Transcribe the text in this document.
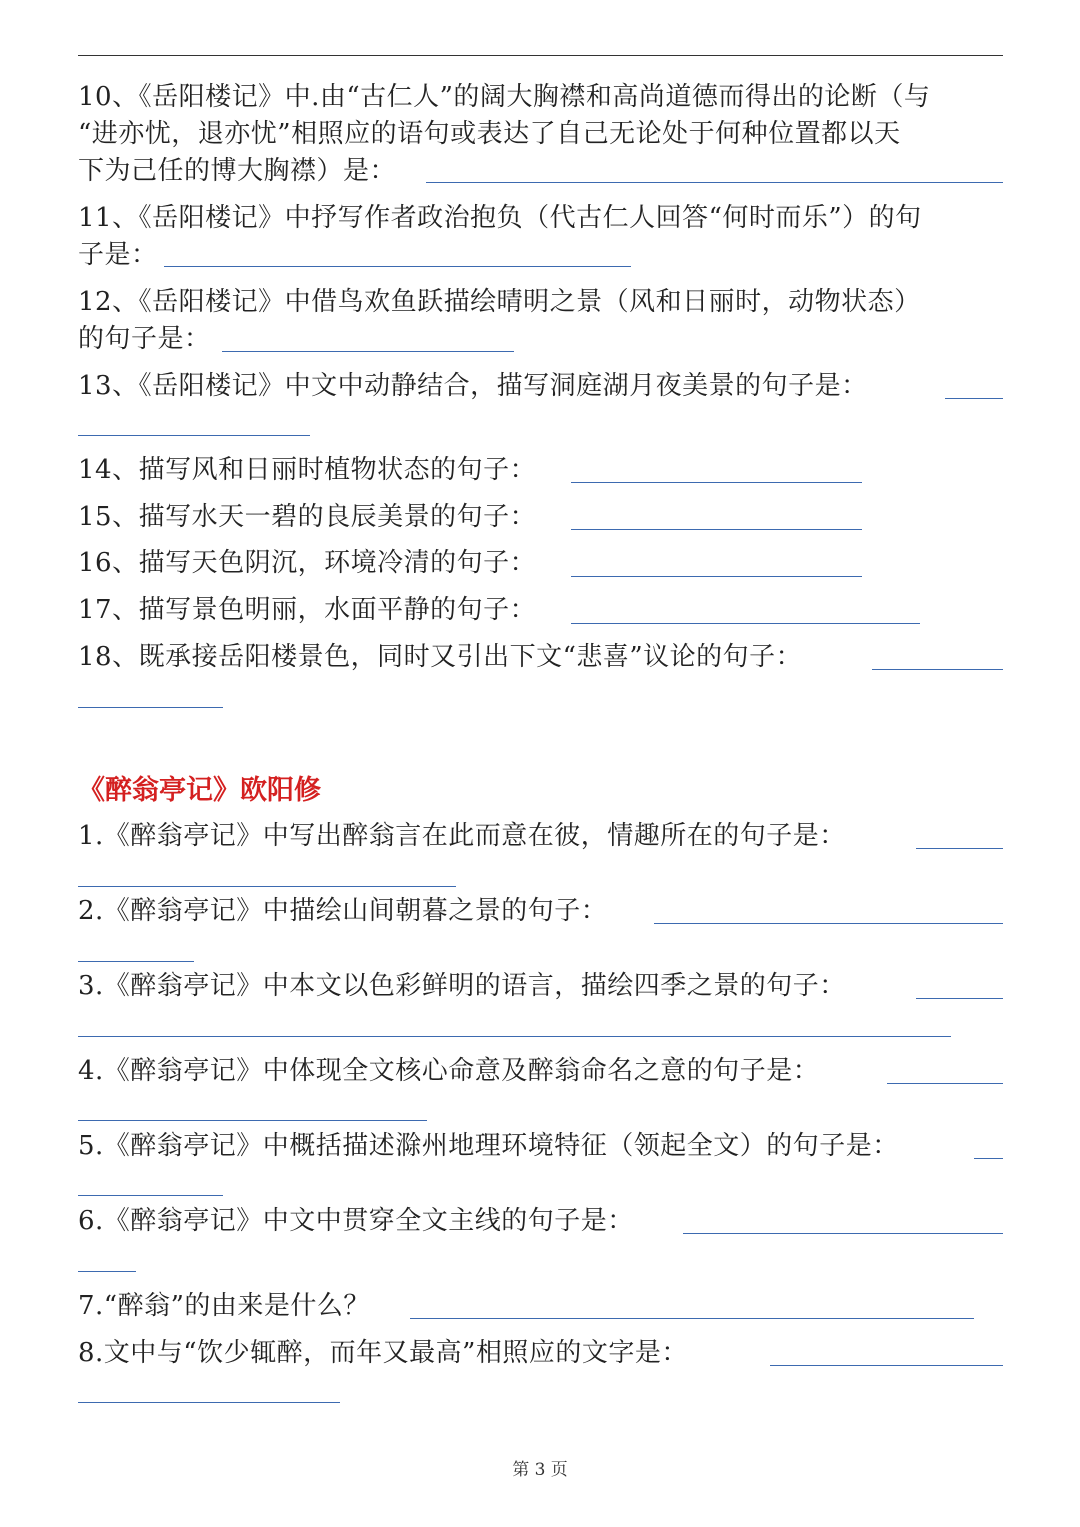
10、《岳阳楼记》中.由“古仁人”的阔大胸襟和高尚道德而得出的论断（与
“进亦忧，退亦忧”相照应的语句或表达了自己无论处于何种位置都以天
下为己任的博大胸襟）是：
11、《岳阳楼记》中抒写作者政治抱负（代古仁人回答“何时而乐”）的句
子是：
12、《岳阳楼记》中借鸟欢鱼跃描绘晴明之景（风和日丽时，动物状态）
的句子是：
13、《岳阳楼记》中文中动静结合，描写洞庭湖月夜美景的句子是：
14、描写风和日丽时植物状态的句子：
15、描写水天一碧的良辰美景的句子：
16、描写天色阴沉，环境冷清的句子：
17、描写景色明丽，水面平静的句子：
18、既承接岳阳楼景色，同时又引出下文“悲喜”议论的句子：
《醉翁亭记》欧阳修
1.《醉翁亭记》中写出醉翁言在此而意在彼，情趣所在的句子是：
2.《醉翁亭记》中描绘山间朝暮之景的句子：
3.《醉翁亭记》中本文以色彩鲜明的语言，描绘四季之景的句子：
4.《醉翁亭记》中体现全文核心命意及醉翁命名之意的句子是：
5.《醉翁亭记》中概括描述滁州地理环境特征（领起全文）的句子是：
6.《醉翁亭记》中文中贯穿全文主线的句子是：
7.“醉翁”的由来是什么？
8.文中与“饮少辄醉，而年又最高”相照应的文字是：
第 3 页
